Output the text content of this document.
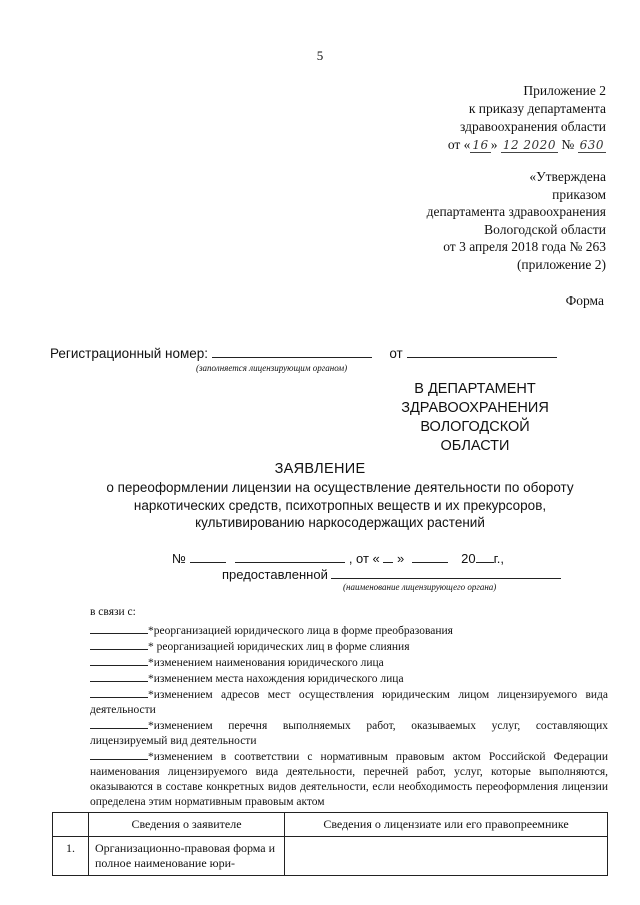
5
Приложение 2
к приказу департамента
здравоохранения области
от « 16 » 12 2020 № 630
«Утверждена
приказом
департамента здравоохранения
Вологодской области
от 3 апреля 2018 года № 263
(приложение 2)
Форма
Регистрационный номер:	от
(заполняется лицензирующим органом)
В ДЕПАРТАМЕНТ
ЗДРАВООХРАНЕНИЯ
ВОЛОГОДСКОЙ
ОБЛАСТИ
ЗАЯВЛЕНИЕ
о переоформлении лицензии на осуществление деятельности по обороту
наркотических средств, психотропных веществ и их прекурсоров,
культивированию наркосодержащих растений
№	, от « »	20 г.,
предоставленной
(наименование лицензирующего органа)
в связи с:
*реорганизацией юридического лица в форме преобразования
* реорганизацией юридических лиц в форме слияния
*изменением наименования юридического лица
*изменением места нахождения юридического лица
*изменением адресов мест осуществления юридическим лицом лицензируемого вида деятельности
*изменением перечня выполняемых работ, оказываемых услуг, составляющих лицензируемый вид деятельности
*изменением в соответствии с нормативным правовым актом Российской Федерации наименования лицензируемого вида деятельности, перечней работ, услуг, которые выполняются, оказываются в составе конкретных видов деятельности, если необходимость переоформления лицензии определена этим нормативным правовым актом
	Сведения о заявителе	Сведения о лицензиате или его правопреемнике
1.	Организационно-правовая форма и полное наименование юри-	
